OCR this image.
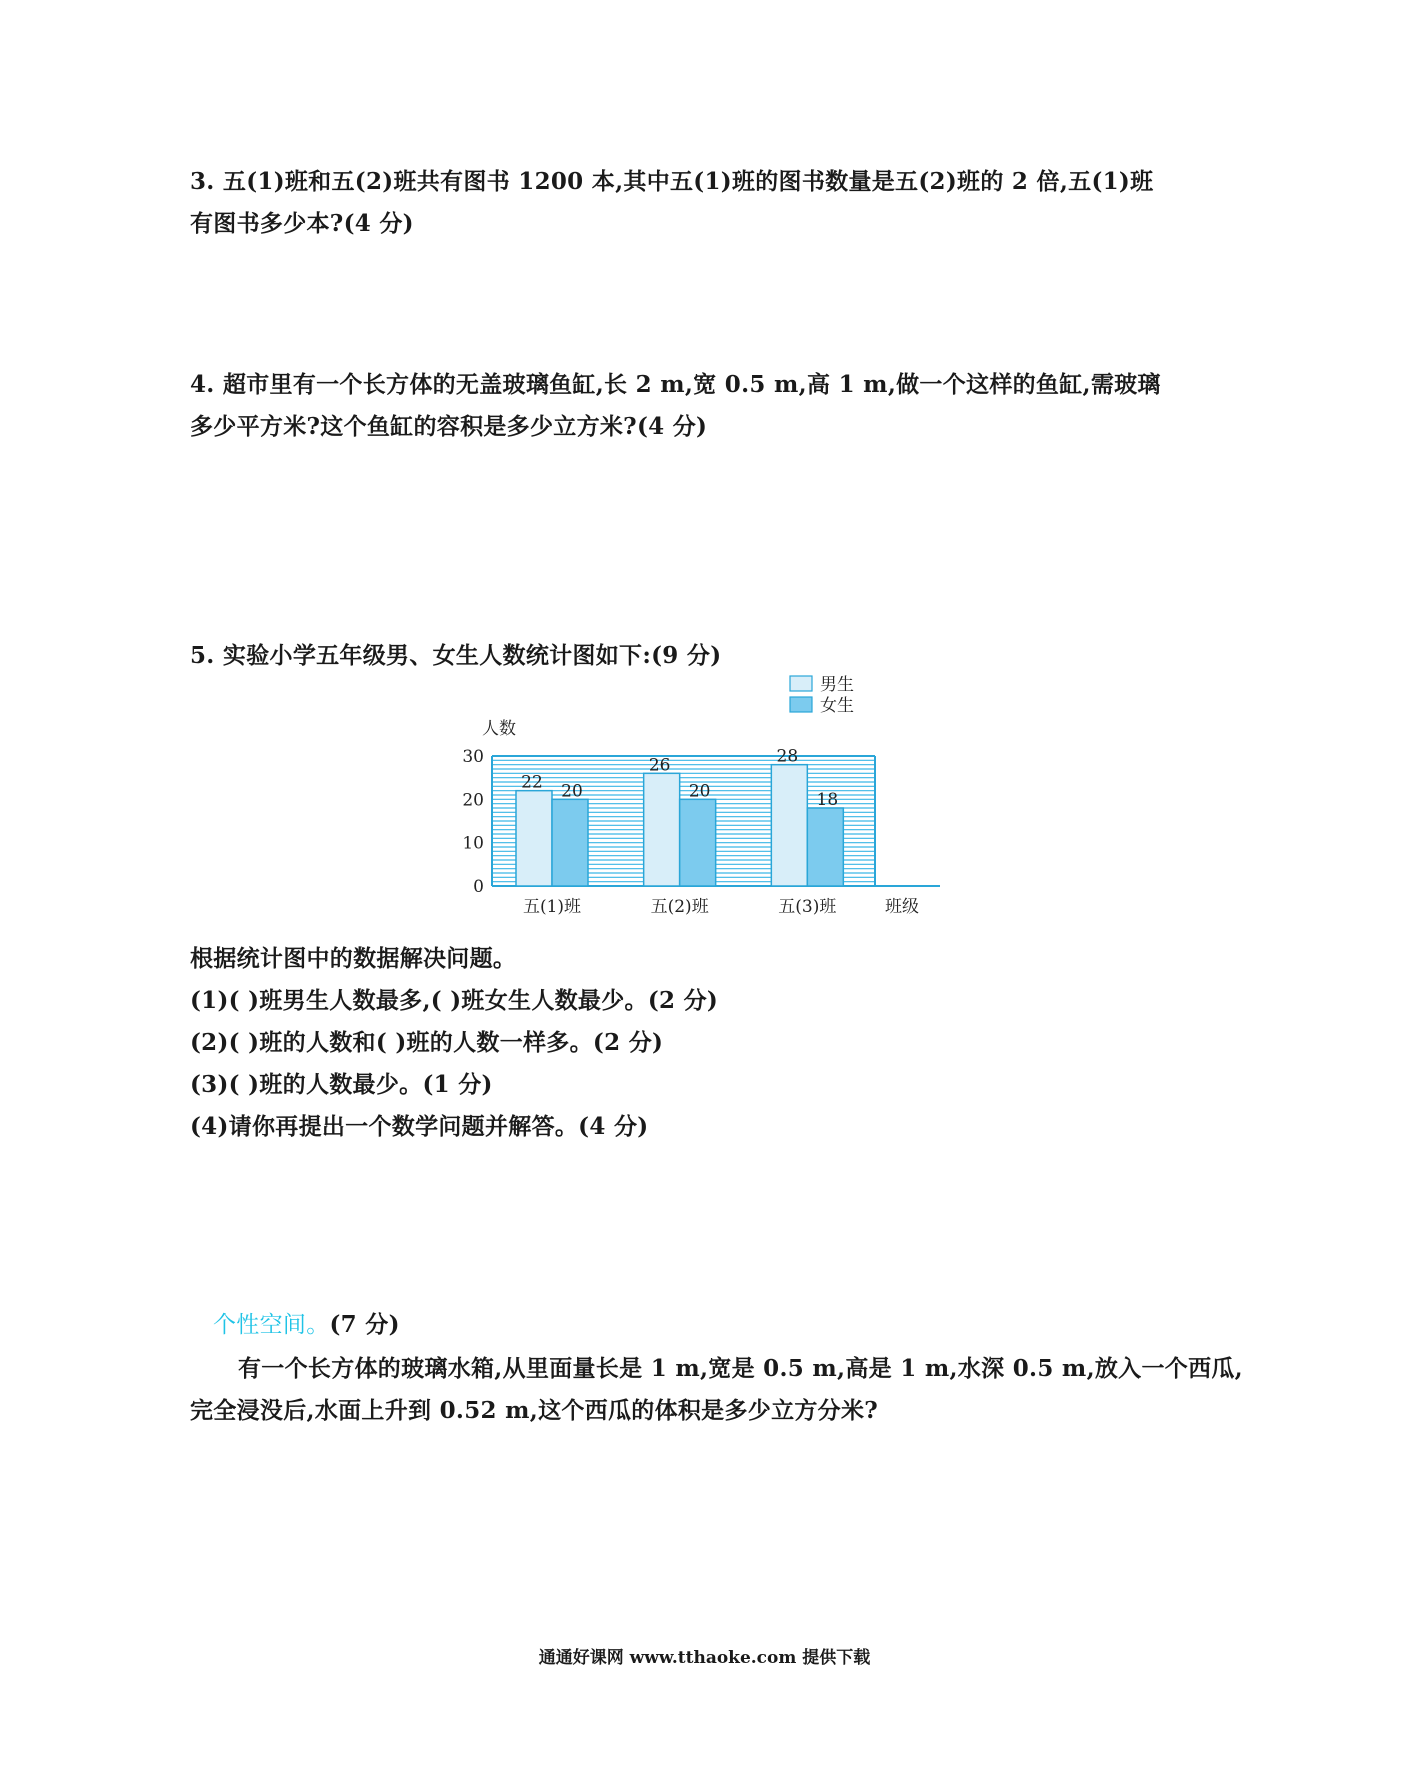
3. 五(1)班和五(2)班共有图书 1200 本,其中五(1)班的图书数量是五(2)班的 2 倍,五(1)班
有图书多少本?(4 分)
4. 超市里有一个长方体的无盖玻璃鱼缸,长 2 m,宽 0.5 m,高 1 m,做一个这样的鱼缸,需玻璃
多少平方米?这个鱼缸的容积是多少立方米?(4 分)
5. 实验小学五年级男、女生人数统计图如下:(9 分)
0
10
20
30
人数
班级
22 20
五(1)班
26
20
五(2)班
28
18
五(3)班
男生
女生
根据统计图中的数据解决问题。
(1)( )班男生人数最多,( )班女生人数最少。(2 分)
(2)( )班的人数和( )班的人数一样多。(2 分)
(3)( )班的人数最少。(1 分)
(4)请你再提出一个数学问题并解答。(4 分)
个性空间。(7 分)
有一个长方体的玻璃水箱,从里面量长是 1 m,宽是 0.5 m,高是 1 m,水深 0.5 m,放入一个西瓜,
完全浸没后,水面上升到 0.52 m,这个西瓜的体积是多少立方分米?
通通好课网 www.tthaoke.com 提供下载
